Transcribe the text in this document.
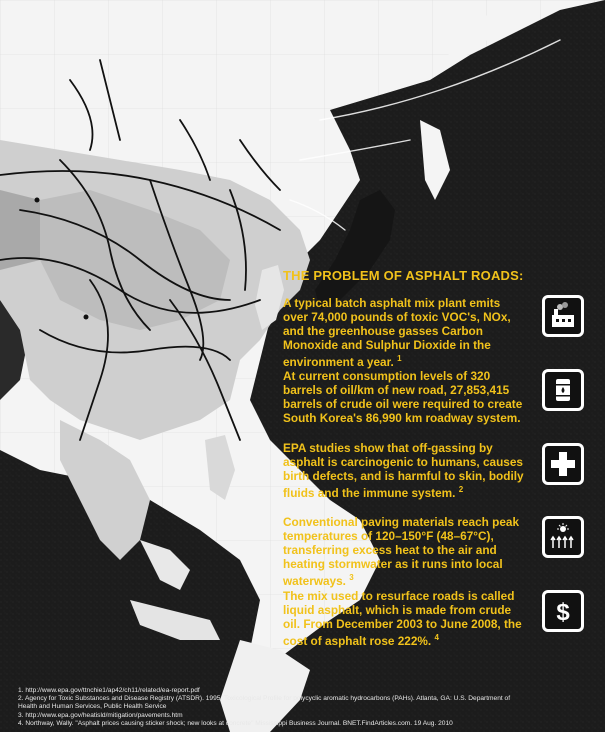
THE PROBLEM OF ASPHALT ROADS:

A typical batch asphalt mix plant emits over 74,000 pounds of toxic VOC's, NOx, and the greenhouse gasses Carbon Monoxide and Sulphur Dioxide in the environment a year. $^1$

At current consumption levels of 320 barrels of oil/km of new road, 27,853,415 barrels of crude oil were required to create South Korea's 86,990 km roadway system.

EPA studies show that off-gassing by asphalt is carcinogenic to humans, causes birth defects, and is harmful to skin, bodily fluids and the immune system. $^2$

Conventional paving materials reach peak temperatures of 120–150°F (48–67°C), transferring excess heat to the air and heating stormwater as it runs into local waterways. $^3$

The mix used to resurface roads is called liquid asphalt, which is made from crude oil. From December 2003 to June 2008, the cost of asphalt rose 222%. $^4$

$
1. http://www.epa.gov/ttnchie1/ap42/ch11/related/ea-report.pdf
2. Agency for Toxic Substances and Disease Registry (ATSDR). 1995. Toxicological Profile for polycyclic aromatic hydrocarbons (PAHs). Atlanta, GA: U.S. Department of
Health and Human Services, Public Health Service
3. http://www.epa.gov/heatisld/mitigation/pavements.htm
4. Northway, Wally. "Asphalt prices causing sticker shock; new looks at concrete" Mississippi Business Journal. BNET.FindArticles.com. 19 Aug. 2010
